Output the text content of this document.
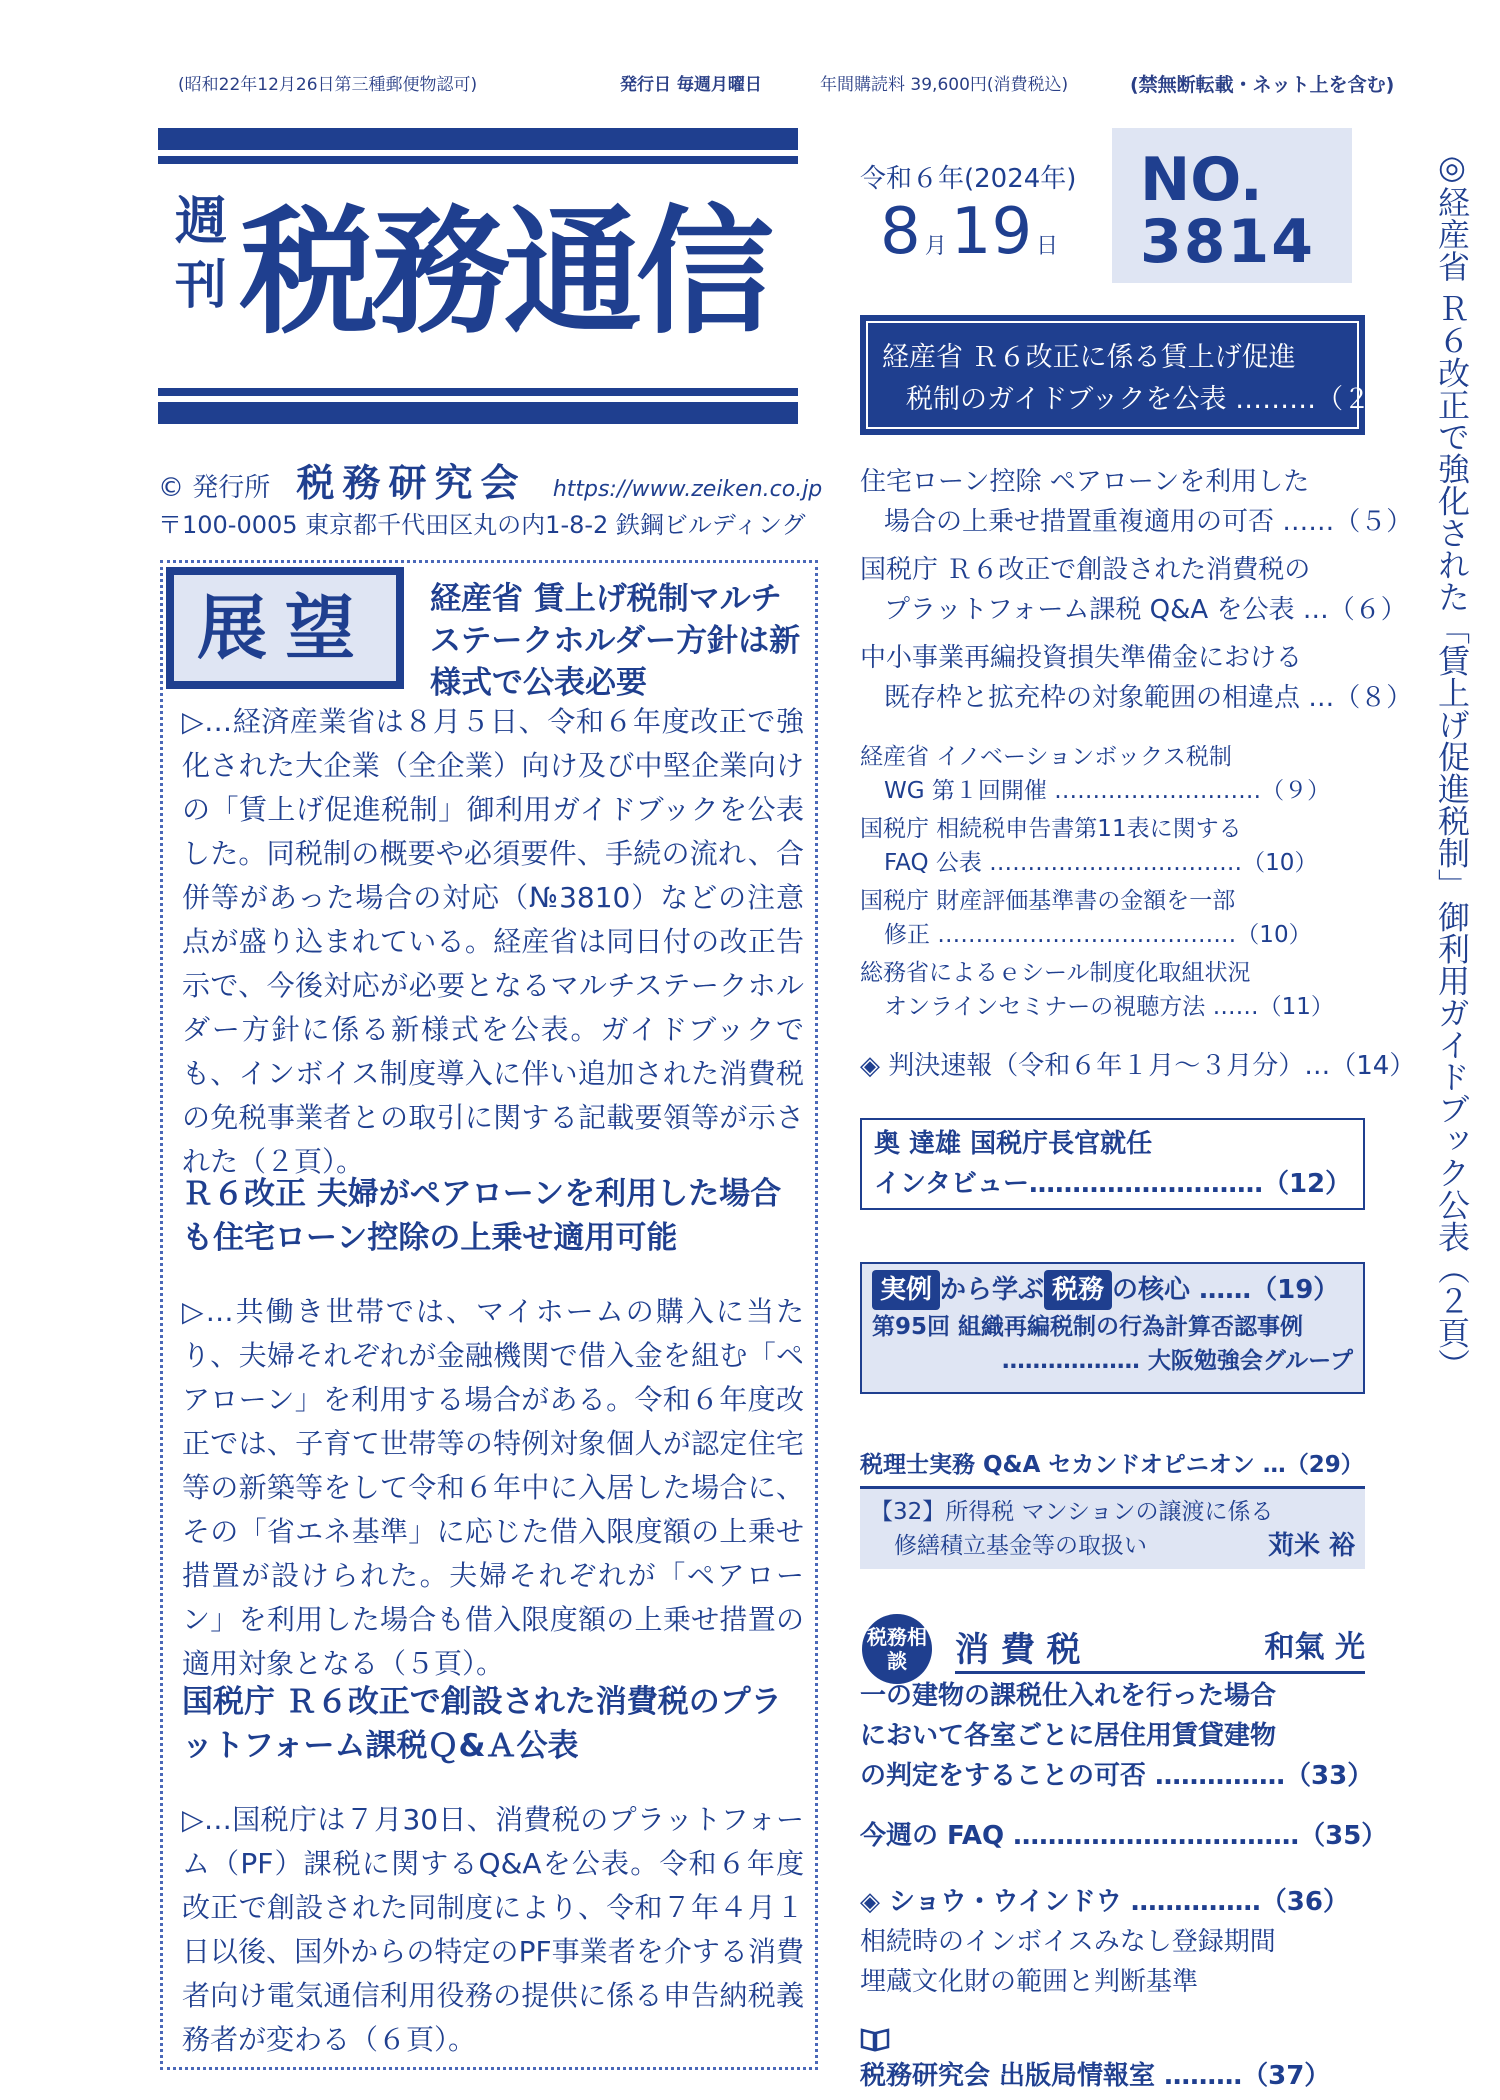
(昭和22年12月26日第三種郵便物認可)	発行日 毎週月曜日	年間購読料 39,600円(消費税込)	(禁無断転載・ネット上を含む)
週刊 税務通信
© 発行所 税務研究会 https://www.zeiken.co.jp
〒100-0005 東京都千代田区丸の内1-8-2 鉄鋼ビルディング
令和６年(2024年)
8 月19 日
NO.
3814	◎経産省 Ｒ６改正で強化された「賃上げ促進税制」御利用ガイドブック公表（２頁）
展望	経産省 賃上げ税制マルチステークホルダー方針は新様式で公表必要
▷…経済産業省は８月５日、令和６年度改正で強化された大企業（全企業）向け及び中堅企業向けの「賃上げ促進税制」御利用ガイドブックを公表した。同税制の概要や必須要件、手続の流れ、合併等があった場合の対応（№3810）などの注意点が盛り込まれている。経産省は同日付の改正告示で、今後対応が必要となるマルチステークホルダー方針に係る新様式を公表。ガイドブックでも、インボイス制度導入に伴い追加された消費税の免税事業者との取引に関する記載要領等が示された（２頁）。
Ｒ６改正 夫婦がペアローンを利用した場合も住宅ローン控除の上乗せ適用可能
▷…共働き世帯では、マイホームの購入に当たり、夫婦それぞれが金融機関で借入金を組む「ペアローン」を利用する場合がある。令和６年度改正では、子育て世帯等の特例対象個人が認定住宅等の新築等をして令和６年中に入居した場合に、その「省エネ基準」に応じた借入限度額の上乗せ措置が設けられた。夫婦それぞれが「ペアローン」を利用した場合も借入限度額の上乗せ措置の適用対象となる（５頁）。
国税庁 Ｒ６改正で創設された消費税のプラットフォーム課税Ｑ&Ａ公表
▷…国税庁は７月30日、消費税のプラットフォーム（PF）課税に関するQ&Aを公表。令和６年度改正で創設された同制度により、令和７年４月１日以後、国外からの特定のPF事業者を介する消費者向け電気通信利用役務の提供に係る申告納税義務者が変わる（６頁）。
経産省 Ｒ６改正に係る賃上げ促進
税制のガイドブックを公表 ………（２）
住宅ローン控除 ペアローンを利用した
場合の上乗せ措置重複適用の可否 ……（５）
国税庁 Ｒ６改正で創設された消費税の
プラットフォーム課税 Q&A を公表 …（６）
中小事業再編投資損失準備金における
既存枠と拡充枠の対象範囲の相違点 …（８）
経産省 イノベーションボックス税制
WG 第１回開催 ………………………（９）
国税庁 相続税申告書第11表に関する
FAQ 公表 ……………………………（10）
国税庁 財産評価基準書の金額を一部
修正 …………………………………（10）
総務省によるｅシール制度化取組状況
オンラインセミナーの視聴方法 ……（11）
◈ 判決速報（令和６年１月～３月分）…（14）
奥 達雄 国税庁長官就任
インタビュー………………………（12）
実例 から学ぶ 税務 の核心 ……（19）
第95回 組織再編税制の行為計算否認事例
……………… 大阪勉強会グループ
税理士実務 Q&A セカンドオピニオン …（29）
【32】所得税 マンションの譲渡に係る
修繕積立基金等の取扱い	苅米 裕
税務相談	消 費 税	和氣 光
一の建物の課税仕入れを行った場合
において各室ごとに居住用賃貸建物
の判定をすることの可否 ……………（33）
今週の FAQ ……………………………（35）
◈ ショウ・ウインドウ ……………（36）
相続時のインボイスみなし登録期間
埋蔵文化財の範囲と判断基準
税務研究会 出版局情報室 ………（37）
